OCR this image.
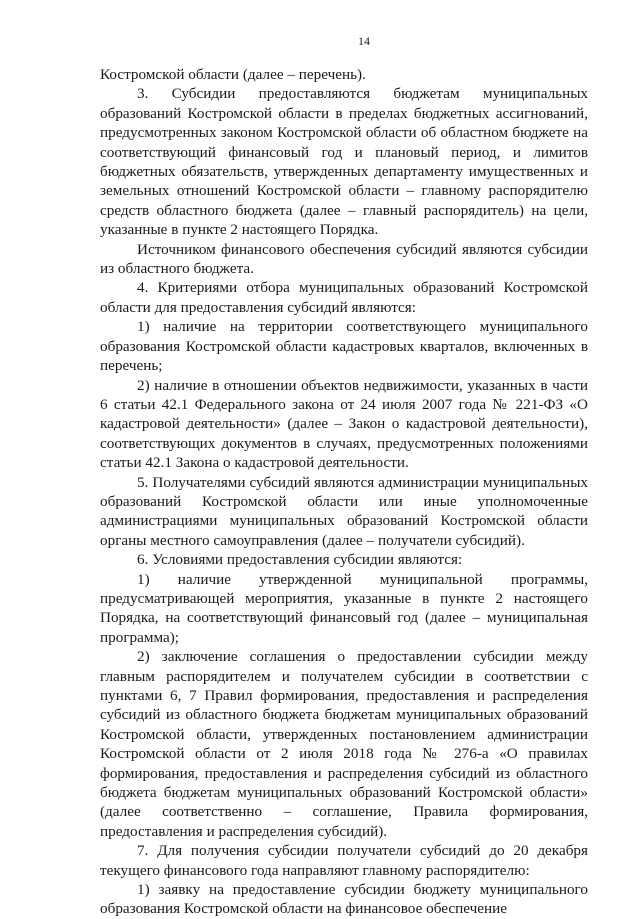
14

Костромской области (далее – перечень).

3. Субсидии предоставляются бюджетам муниципальных образований Костромской области в пределах бюджетных ассигнований, предусмотренных законом Костромской области об областном бюджете на соответствующий финансовый год и плановый период, и лимитов бюджетных обязательств, утвержденных департаменту имущественных и земельных отношений Костромской области – главному распорядителю средств областного бюджета (далее – главный распорядитель) на цели, указанные в пункте 2 настоящего Порядка.

Источником финансового обеспечения субсидий являются субсидии из областного бюджета.

4. Критериями отбора муниципальных образований Костромской области для предоставления субсидий являются:

1) наличие на территории соответствующего муниципального образования Костромской области кадастровых кварталов, включенных в перечень;

2) наличие в отношении объектов недвижимости, указанных в части 6 статьи 42.1 Федерального закона от 24 июля 2007 года № 221-ФЗ «О кадастровой деятельности» (далее – Закон о кадастровой деятельности), соответствующих документов в случаях, предусмотренных положениями статьи 42.1 Закона о кадастровой деятельности.

5. Получателями субсидий являются администрации муниципальных образований Костромской области или иные уполномоченные администрациями муниципальных образований Костромской области органы местного самоуправления (далее – получатели субсидий).

6. Условиями предоставления субсидии являются:

1) наличие утвержденной муниципальной программы, предусматривающей мероприятия, указанные в пункте 2 настоящего Порядка, на соответствующий финансовый год (далее – муниципальная программа);

2) заключение соглашения о предоставлении субсидии между главным распорядителем и получателем субсидии в соответствии с пунктами 6, 7 Правил формирования, предоставления и распределения субсидий из областного бюджета бюджетам муниципальных образований Костромской области, утвержденных постановлением администрации Костромской области от 2 июля 2018 года № 276-а «О правилах формирования, предоставления и распределения субсидий из областного бюджета бюджетам муниципальных образований Костромской области» (далее соответственно – соглашение, Правила формирования, предоставления и распределения субсидий).

7. Для получения субсидии получатели субсидий до 20 декабря текущего финансового года направляют главному распорядителю:

1) заявку на предоставление субсидии бюджету муниципального образования Костромской области на финансовое обеспечение
